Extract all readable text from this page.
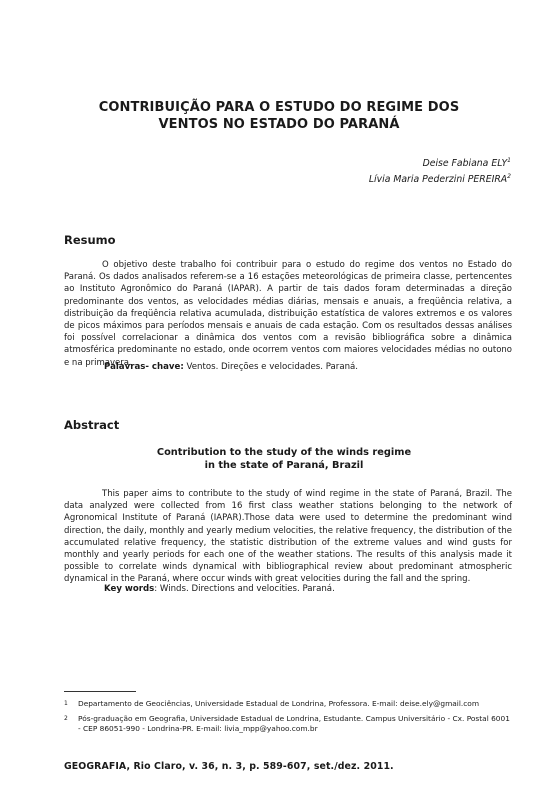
CONTRIBUIÇÃO PARA O ESTUDO DO REGIME DOS
VENTOS NO ESTADO DO PARANÁ
Deise Fabiana ELY$^1$
Lívia Maria Pederzini PEREIRA$^2$
Resumo
O objetivo deste trabalho foi contribuir para o estudo do regime dos ventos no Estado do Paraná. Os dados analisados referem-se a 16 estações meteorológicas de primeira classe, pertencentes ao Instituto Agronômico do Paraná (IAPAR). A partir de tais dados foram determinadas a direção predominante dos ventos, as velocidades médias diárias, mensais e anuais, a freqüência relativa, a distribuição da freqüência relativa acumulada, distribuição estatística de valores extremos e os valores de picos máximos para períodos mensais e anuais de cada estação. Com os resultados dessas análises foi possível correlacionar a dinâmica dos ventos com a revisão bibliográfica sobre a dinâmica atmosférica predominante no estado, onde ocorrem ventos com maiores velocidades médias no outono e na primavera.
Palavras- chave: Ventos. Direções e velocidades. Paraná.
Abstract
Contribution to the study of the winds regime
in the state of Paraná, Brazil
This paper aims to contribute to the study of wind regime in the state of Paraná, Brazil. The data analyzed were collected from 16 first class weather stations belonging to the network of Agronomical Institute of Paraná (IAPAR).Those data were used to determine the predominant wind direction, the daily, monthly and yearly medium velocities, the relative frequency, the distribution of the accumulated relative frequency, the statistic distribution of the extreme values and wind gusts for monthly and yearly periods for each one of the weather stations. The results of this analysis made it possible to correlate winds dynamical with bibliographical review about predominant atmospheric dynamical in the Paraná, where occur winds with great velocities during the fall and the spring.
Key words: Winds. Directions and velocities. Paraná.
1	Departamento de Geociências, Universidade Estadual de Londrina, Professora. E-mail: deise.ely@gmail.com
2	Pós-graduação em Geografia, Universidade Estadual de Londrina, Estudante. Campus Universitário - Cx. Postal 6001 - CEP 86051-990 - Londrina-PR. E-mail: livia_mpp@yahoo.com.br
GEOGRAFIA, Rio Claro, v. 36, n. 3, p. 589-607, set./dez. 2011.
